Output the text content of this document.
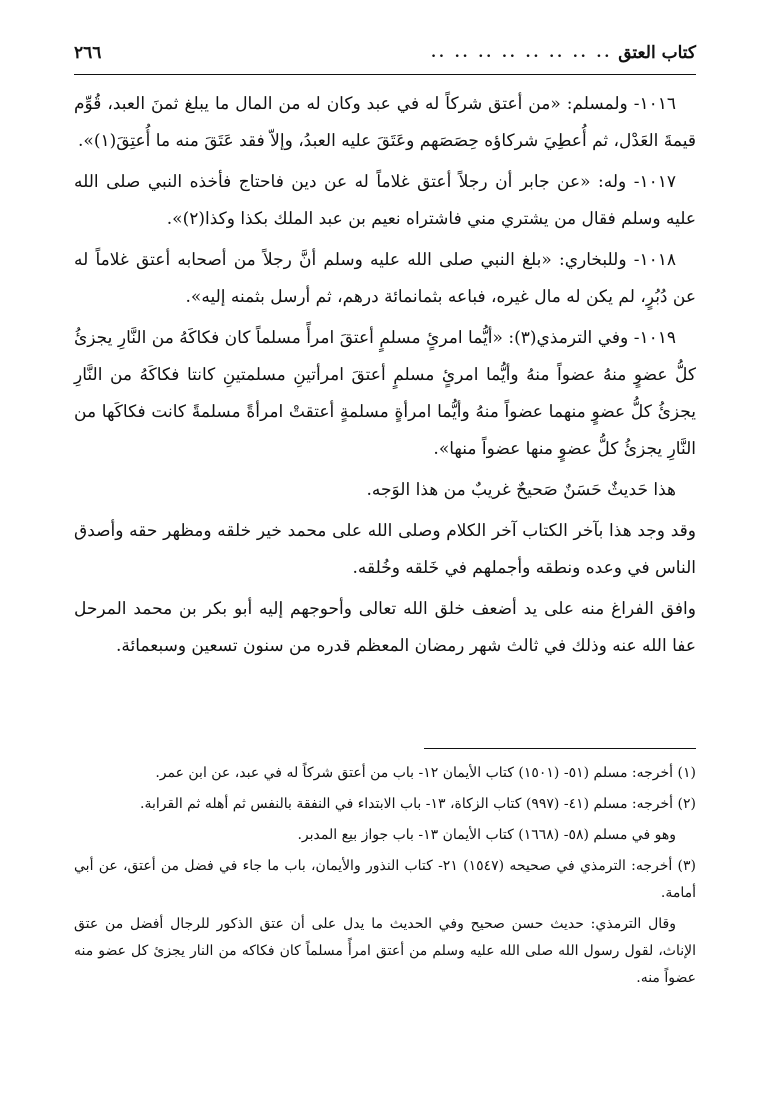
كتاب العتق
.. .. .. .. .. .. .. ..
٢٦٦

١٠١٦- ولمسلم: «من أعتق شركاً له في عبد وكان له من المال ما يبلغ ثمنَ العبد، قُوِّم قيمةَ العَدْل، ثم أُعطِيَ شركاؤه حِصَصَهم وعَتَقَ عليه العبدُ، وإلاّ فقد عَتَقَ منه ما أُعتِقَ(١)».

١٠١٧- وله: «عن جابر أن رجلاً أعتق غلاماً له عن دين فاحتاج فأخذه النبي صلى الله عليه وسلم فقال من يشتري مني فاشتراه نعيم بن عبد الملك بكذا وكذا(٢)».

١٠١٨- وللبخاري: «بلغ النبي صلى الله عليه وسلم أنَّ رجلاً من أصحابه أعتق غلاماً له عن دُبُرٍ، لم يكن له مال غيره، فباعه بثمانمائة درهم، ثم أرسل بثمنه إليه».

١٠١٩- وفي الترمذي(٣): «أيُّما امرئٍ مسلمٍ أعتقَ امرأً مسلماً كان فكاكَهُ من النَّارِ يجزئُ كلُّ عضوٍ منهُ عضواً منهُ وأيُّما امرئٍ مسلمٍ أعتقَ امرأتينِ مسلمتينِ كانتا فكاكَهُ من النَّارِ يجزئُ كلُّ عضوٍ منهما عضواً منهُ وأيُّما امرأةٍ مسلمةٍ أعتقتْ امرأةً مسلمةً كانت فكاكَها من النَّارِ يجزئُ كلُّ عضوٍ منها عضواً منها».

هذا حَديثٌ حَسَنٌ صَحيحٌ غريبٌ من هذا الوَجه.

وقد وجد هذا بآخر الكتاب آخر الكلام وصلى الله على محمد خير خلقه ومظهر حقه وأصدق الناس في وعده ونطقه وأجملهم في خَلقه وخُلقه.

وافق الفراغ منه على يد أضعف خلق الله تعالى وأحوجهم إليه أبو بكر بن محمد المرحل عفا الله عنه وذلك في ثالث شهر رمضان المعظم قدره من سنون تسعين وسبعمائة.

(١) أخرجه: مسلم (٥١- (١٥٠١) كتاب الأيمان ١٢- باب من أعتق شركاً له في عبد، عن ابن عمر.

(٢) أخرجه: مسلم (٤١- (٩٩٧) كتاب الزكاة، ١٣- باب الابتداء في النفقة بالنفس ثم أهله ثم القرابة.

وهو في مسلم (٥٨- (١٦٦٨) كتاب الأيمان ١٣- باب جواز بيع المدبر.

(٣) أخرجه: الترمذي في صحيحه (١٥٤٧) ٢١- كتاب النذور والأيمان، باب ما جاء في فضل من أعتق، عن أبي أمامة.

وقال الترمذي: حديث حسن صحيح وفي الحديث ما يدل على أن عتق الذكور للرجال أفضل من عتق الإناث، لقول رسول الله صلى الله عليه وسلم من أعتق امرأً مسلماً كان فكاكه من النار يجزئ كل عضو منه عضواً منه.
